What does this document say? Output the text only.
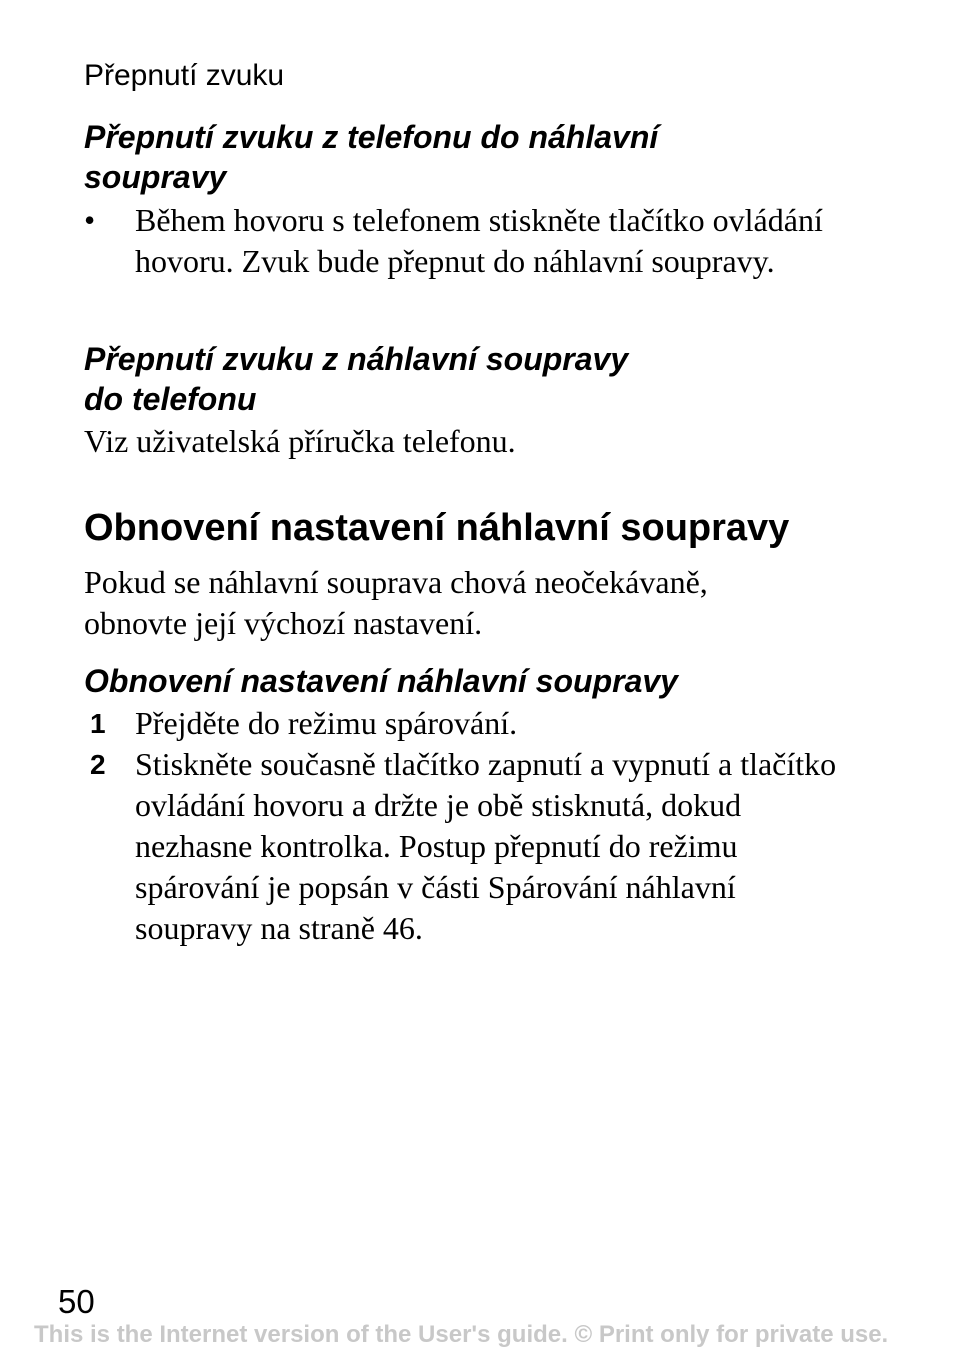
Přepnutí zvuku
Přepnutí zvuku z telefonu do náhlavní
soupravy
• Během hovoru s telefonem stiskněte tlačítko ovládání hovoru. Zvuk bude přepnut do náhlavní soupravy.
Přepnutí zvuku z náhlavní soupravy
do telefonu
Viz uživatelská příručka telefonu.
Obnovení nastavení náhlavní soupravy
Pokud se náhlavní souprava chová neočekávaně, obnovte její výchozí nastavení.
Obnovení nastavení náhlavní soupravy
1 Přejděte do režimu spárování.
2 Stiskněte současně tlačítko zapnutí a vypnutí a tlačítko ovládání hovoru a držte je obě stisknutá, dokud nezhasne kontrolka. Postup přepnutí do režimu spárování je popsán v části Spárování náhlavní soupravy na straně 46.
50
This is the Internet version of the User's guide. © Print only for private use.
